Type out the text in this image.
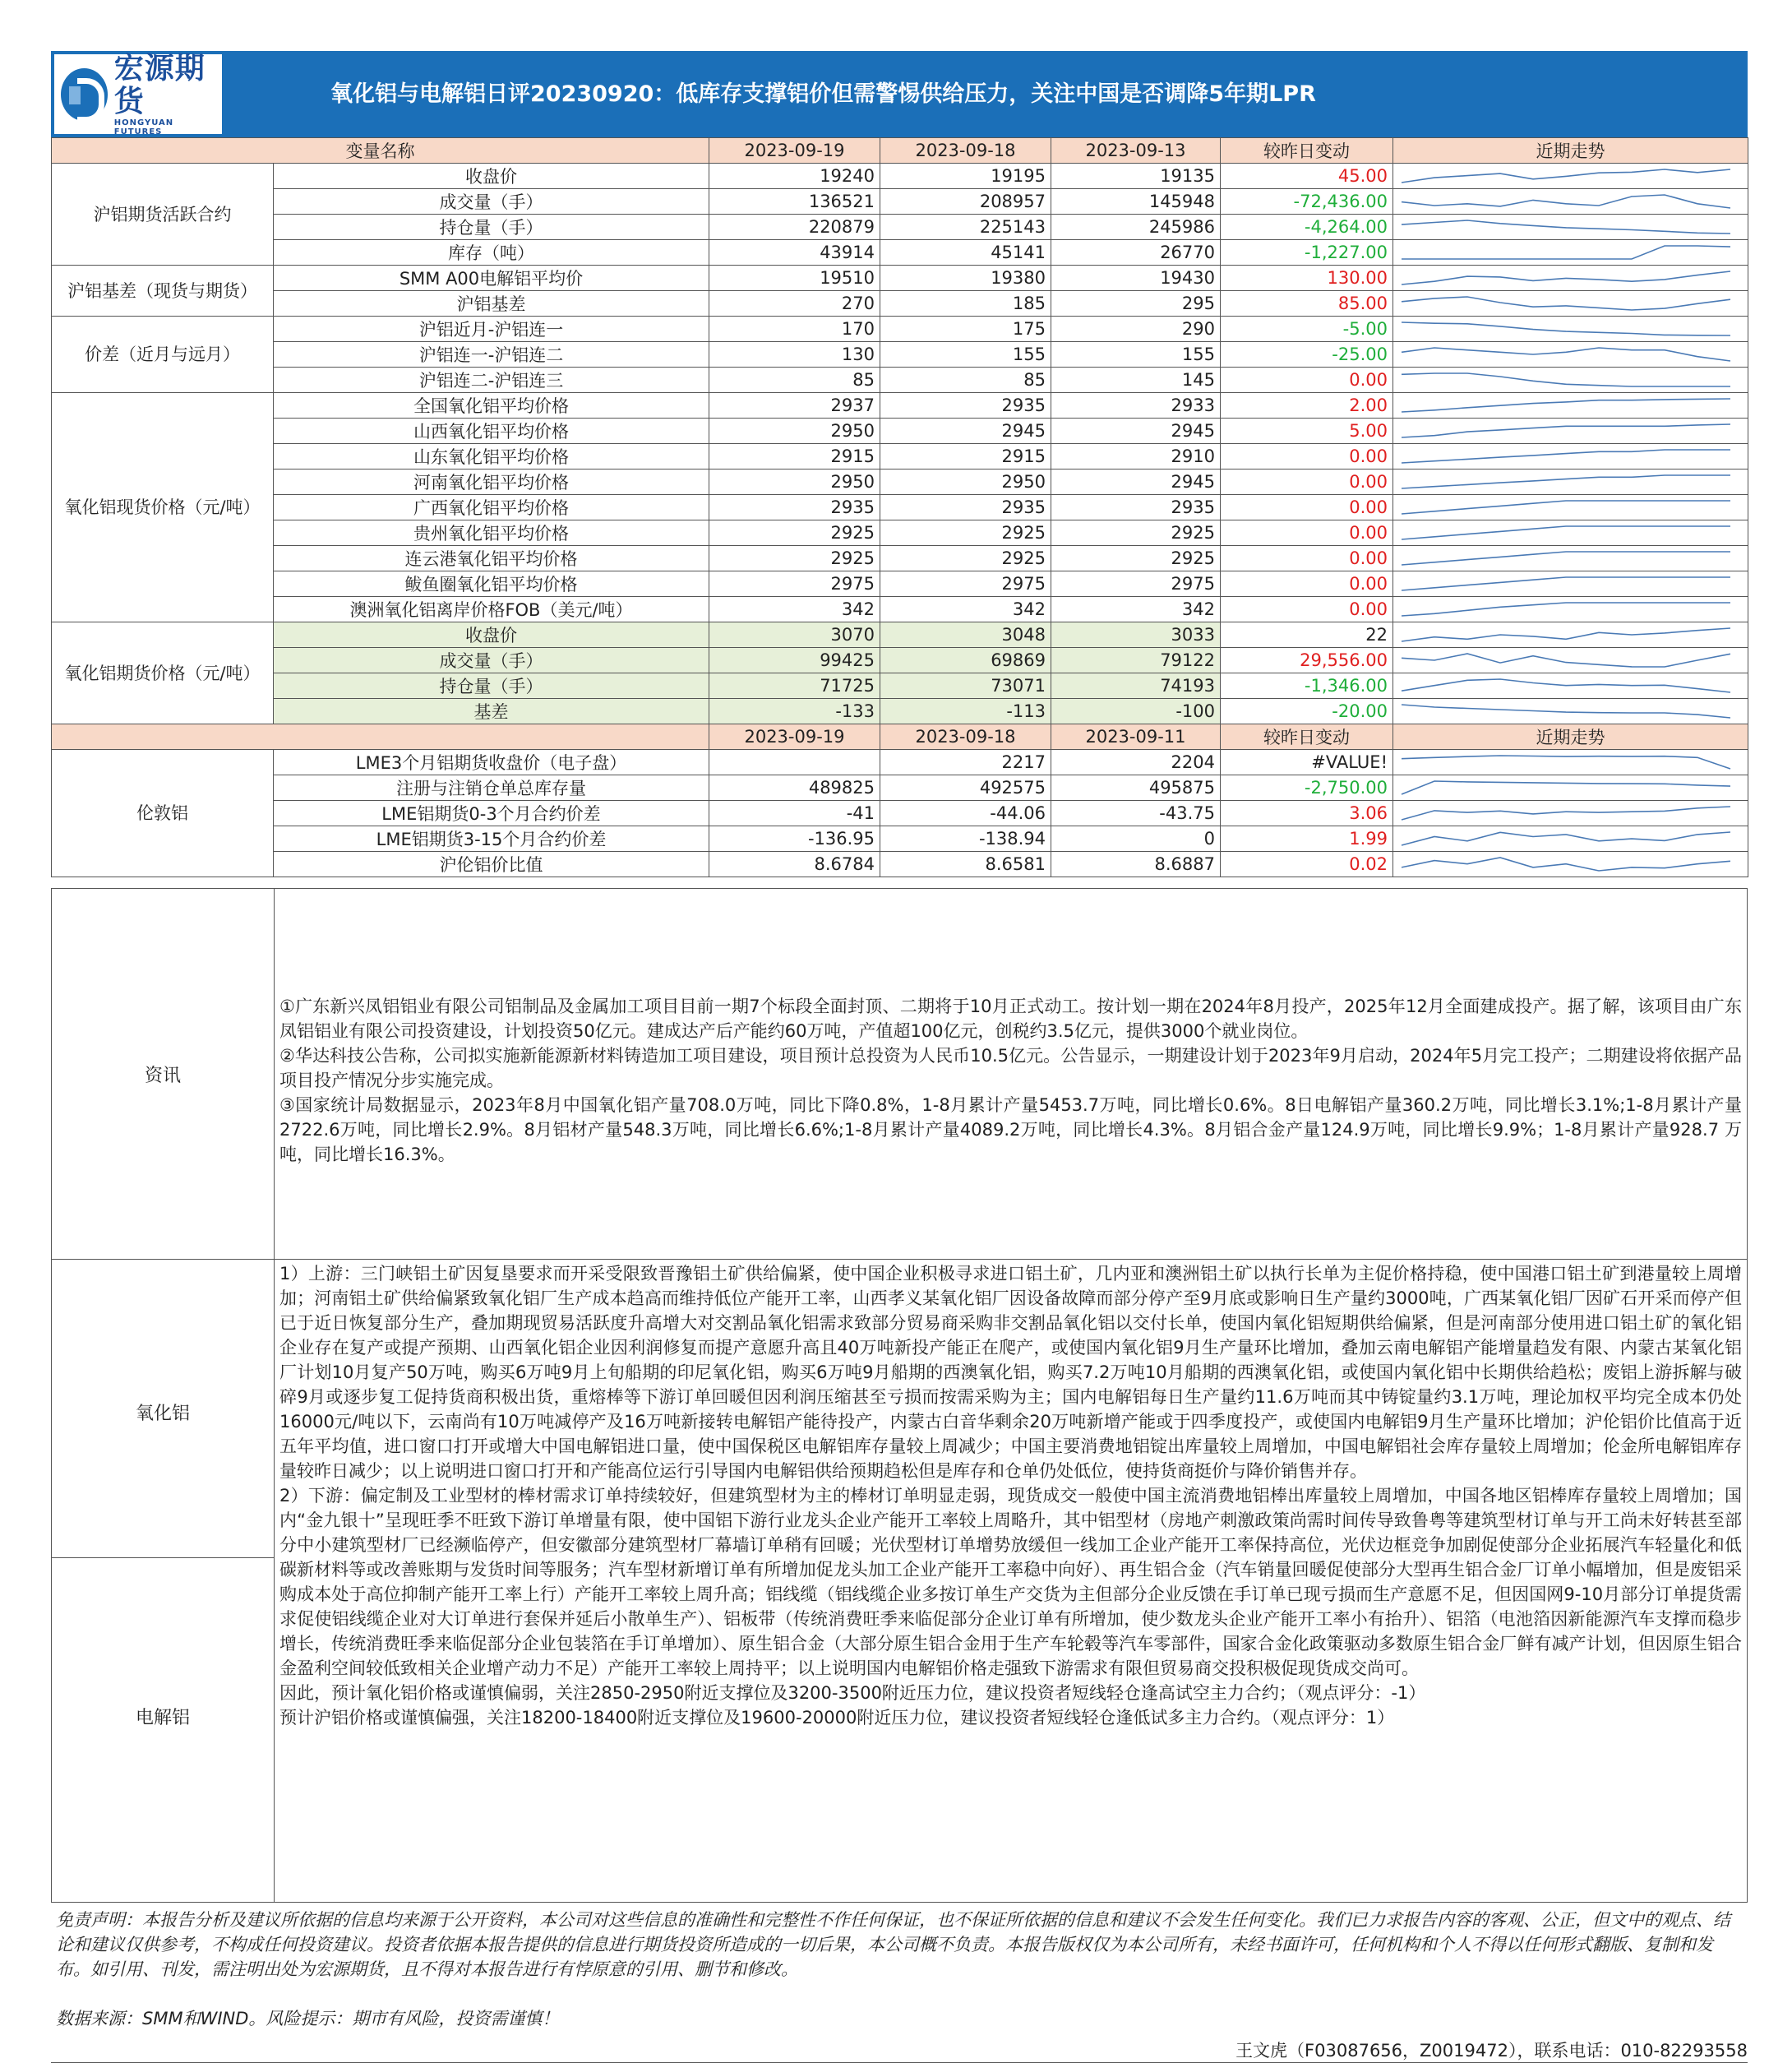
宏源期货
HONGYUAN FUTURES
氧化铝与电解铝日评20230920：低库存支撑铝价但需警惕供给压力，关注中国是否调降5年期LPR
变量名称		2023-09-19	2023-09-18	2023-09-13	较昨日变动	近期走势
沪铝期货活跃合约	收盘价	19240	19195	19135	45.00	

	成交量（手）	136521	208957	145948	-72,436.00	

	持仓量（手）	220879	225143	245986	-4,264.00	

	库存（吨）	43914	45141	26770	-1,227.00	

沪铝基差（现货与期货）	SMM A00电解铝平均价	19510	19380	19430	130.00	

	沪铝基差	270	185	295	85.00	

价差（近月与远月）	沪铝近月-沪铝连一	170	175	290	-5.00	

	沪铝连一-沪铝连二	130	155	155	-25.00	

	沪铝连二-沪铝连三	85	85	145	0.00	

氧化铝现货价格（元/吨）	全国氧化铝平均价格	2937	2935	2933	2.00	

	山西氧化铝平均价格	2950	2945	2945	5.00	

	山东氧化铝平均价格	2915	2915	2910	0.00	

	河南氧化铝平均价格	2950	2950	2945	0.00	

	广西氧化铝平均价格	2935	2935	2935	0.00	

	贵州氧化铝平均价格	2925	2925	2925	0.00	

	连云港氧化铝平均价格	2925	2925	2925	0.00	

	鲅鱼圈氧化铝平均价格	2975	2975	2975	0.00	

	澳洲氧化铝离岸价格FOB（美元/吨）	342	342	342	0.00	

氧化铝期货价格（元/吨）	收盘价	3070	3048	3033	22	

	成交量（手）	99425	69869	79122	29,556.00	

	持仓量（手）	71725	73071	74193	-1,346.00	

	基差	-133	-113	-100	-20.00	

		2023-09-19	2023-09-18	2023-09-11	较昨日变动	近期走势
伦敦铝	LME3个月铝期货收盘价（电子盘）		2217	2204	#VALUE!	

	注册与注销仓单总库存量	489825	492575	495875	-2,750.00	

	LME铝期货0-3个月合约价差	-41	-44.06	-43.75	3.06	

	LME铝期货3-15个月合约价差	-136.95	-138.94	0	1.99	

	沪伦铝价比值	8.6784	8.6581	8.6887	0.02	
资讯
①广东新兴凤铝铝业有限公司铝制品及金属加工项目目前一期7个标段全面封顶、二期将于10月正式动工。按计划一期在2024年8月投产，2025年12月全面建成投产。据了解，该项目由广东凤铝铝业有限公司投资建设，计划投资50亿元。建成达产后产能约60万吨，产值超100亿元，创税约3.5亿元，提供3000个就业岗位。
②华达科技公告称，公司拟实施新能源新材料铸造加工项目建设，项目预计总投资为人民币10.5亿元。公告显示，一期建设计划于2023年9月启动，2024年5月完工投产；二期建设将依据产品项目投产情况分步实施完成。
③国家统计局数据显示，2023年8月中国氧化铝产量708.0万吨，同比下降0.8%，1-8月累计产量5453.7万吨，同比增长0.6%。8日电解铝产量360.2万吨，同比增长3.1%;1-8月累计产量2722.6万吨，同比增长2.9%。8月铝材产量548.3万吨，同比增长6.6%;1-8月累计产量4089.2万吨，同比增长4.3%。8月铝合金产量124.9万吨，同比增长9.9%；1-8月累计产量928.7 万吨，同比增长16.3%。
氧化铝
电解铝
1）上游：三门峡铝土矿因复垦要求而开采受限致晋豫铝土矿供给偏紧，使中国企业积极寻求进口铝土矿，几内亚和澳洲铝土矿以执行长单为主促价格持稳，使中国港口铝土矿到港量较上周增加；河南铝土矿供给偏紧致氧化铝厂生产成本趋高而维持低位产能开工率，山西孝义某氧化铝厂因设备故障而部分停产至9月底或影响日生产量约3000吨，广西某氧化铝厂因矿石开采而停产但已于近日恢复部分生产，叠加期现贸易活跃度升高增大对交割品氧化铝需求致部分贸易商采购非交割品氧化铝以交付长单，使国内氧化铝短期供给偏紧，但是河南部分使用进口铝土矿的氧化铝企业存在复产或提产预期、山西氧化铝企业因利润修复而提产意愿升高且40万吨新投产能正在爬产，或使国内氧化铝9月生产量环比增加，叠加云南电解铝产能增量趋发有限、内蒙古某氧化铝厂计划10月复产50万吨，购买6万吨9月上旬船期的印尼氧化铝，购买6万吨9月船期的西澳氧化铝，购买7.2万吨10月船期的西澳氧化铝，或使国内氧化铝中长期供给趋松；废铝上游拆解与破碎9月或逐步复工促持货商积极出货，重熔棒等下游订单回暖但因利润压缩甚至亏损而按需采购为主；国内电解铝每日生产量约11.6万吨而其中铸锭量约3.1万吨，理论加权平均完全成本仍处16000元/吨以下，云南尚有10万吨减停产及16万吨新接转电解铝产能待投产，内蒙古白音华剩余20万吨新增产能或于四季度投产，或使国内电解铝9月生产量环比增加；沪伦铝价比值高于近五年平均值，进口窗口打开或增大中国电解铝进口量，使中国保税区电解铝库存量较上周减少；中国主要消费地铝锭出库量较上周增加，中国电解铝社会库存量较上周增加；伦金所电解铝库存量较昨日减少；以上说明进口窗口打开和产能高位运行引导国内电解铝供给预期趋松但是库存和仓单仍处低位，使持货商挺价与降价销售并存。
2）下游：偏定制及工业型材的棒材需求订单持续较好，但建筑型材为主的棒材订单明显走弱，现货成交一般使中国主流消费地铝棒出库量较上周增加，中国各地区铝棒库存量较上周增加；国内“金九银十”呈现旺季不旺致下游订单增量有限，使中国铝下游行业龙头企业产能开工率较上周略升，其中铝型材（房地产刺激政策尚需时间传导致鲁粤等建筑型材订单与开工尚未好转甚至部分中小建筑型材厂已经濒临停产，但安徽部分建筑型材厂幕墙订单稍有回暖；光伏型材订单增势放缓但一线加工企业产能开工率保持高位，光伏边框竞争加剧促使部分企业拓展汽车轻量化和低碳新材料等或改善账期与发货时间等服务；汽车型材新增订单有所增加促龙头加工企业产能开工率稳中向好）、再生铝合金（汽车销量回暖促使部分大型再生铝合金厂订单小幅增加，但是废铝采购成本处于高位抑制产能开工率上行）产能开工率较上周升高；铝线缆（铝线缆企业多按订单生产交货为主但部分企业反馈在手订单已现亏损而生产意愿不足，但因国网9-10月部分订单提货需求促使铝线缆企业对大订单进行套保并延后小散单生产）、铝板带（传统消费旺季来临促部分企业订单有所增加，使少数龙头企业产能开工率小有抬升）、铝箔（电池箔因新能源汽车支撑而稳步增长，传统消费旺季来临促部分企业包装箔在手订单增加）、原生铝合金（大部分原生铝合金用于生产车轮毂等汽车零部件，国家合金化政策驱动多数原生铝合金厂鲜有减产计划，但因原生铝合金盈利空间较低致相关企业增产动力不足）产能开工率较上周持平；以上说明国内电解铝价格走强致下游需求有限但贸易商交投积极促现货成交尚可。
因此，预计氧化铝价格或谨慎偏弱，关注2850-2950附近支撑位及3200-3500附近压力位，建议投资者短线轻仓逢高试空主力合约；（观点评分：-1）
预计沪铝价格或谨慎偏强，关注18200-18400附近支撑位及19600-20000附近压力位，建议投资者短线轻仓逢低试多主力合约。（观点评分：1）
免责声明：本报告分析及建议所依据的信息均来源于公开资料，本公司对这些信息的准确性和完整性不作任何保证，也不保证所依据的信息和建议不会发生任何变化。我们已力求报告内容的客观、公正，但文中的观点、结论和建议仅供参考，不构成任何投资建议。投资者依据本报告提供的信息进行期货投资所造成的一切后果，本公司概不负责。本报告版权仅为本公司所有，未经书面许可，任何机构和个人不得以任何形式翻版、复制和发布。如引用、刊发，需注明出处为宏源期货，且不得对本报告进行有悖原意的引用、删节和修改。
数据来源：SMM和WIND。风险提示：期市有风险，投资需谨慎！
王文虎（F03087656，Z0019472），联系电话：010-82293558
